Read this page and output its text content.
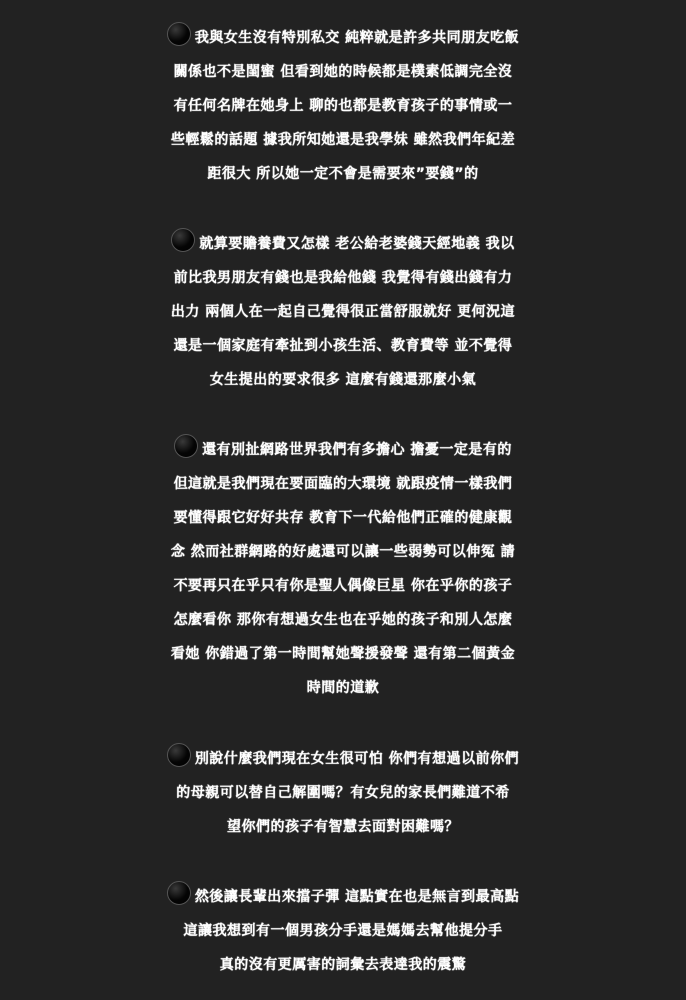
我與女生沒有特別私交 純粹就是許多共同朋友吃飯
關係也不是閨蜜 但看到她的時候都是樸素低調完全沒
有任何名牌在她身上 聊的也都是教育孩子的事情或一
些輕鬆的話題 據我所知她還是我學妹 雖然我們年紀差
距很大 所以她一定不會是需要來”要錢”的
就算要贍養費又怎樣 老公給老婆錢天經地義 我以
前比我男朋友有錢也是我給他錢 我覺得有錢出錢有力
出力 兩個人在一起自己覺得很正當舒服就好 更何況這
還是一個家庭有牽扯到小孩生活、教育費等 並不覺得
女生提出的要求很多 這麼有錢還那麼小氣
還有別扯網路世界我們有多擔心 擔憂一定是有的
但這就是我們現在要面臨的大環境 就跟疫情一樣我們
要懂得跟它好好共存 教育下一代給他們正確的健康觀
念 然而社群網路的好處還可以讓一些弱勢可以伸冤 請
不要再只在乎只有你是聖人偶像巨星 你在乎你的孩子
怎麼看你 那你有想過女生也在乎她的孩子和別人怎麼
看她 你錯過了第一時間幫她聲援發聲 還有第二個黃金
時間的道歉
別說什麼我們現在女生很可怕 你們有想過以前你們
的母親可以替自己解圍嗎？有女兒的家長們難道不希
望你們的孩子有智慧去面對困難嗎？
然後讓長輩出來擋子彈 這點實在也是無言到最高點
這讓我想到有一個男孩分手還是媽媽去幫他提分手
真的沒有更厲害的詞彙去表達我的震驚
